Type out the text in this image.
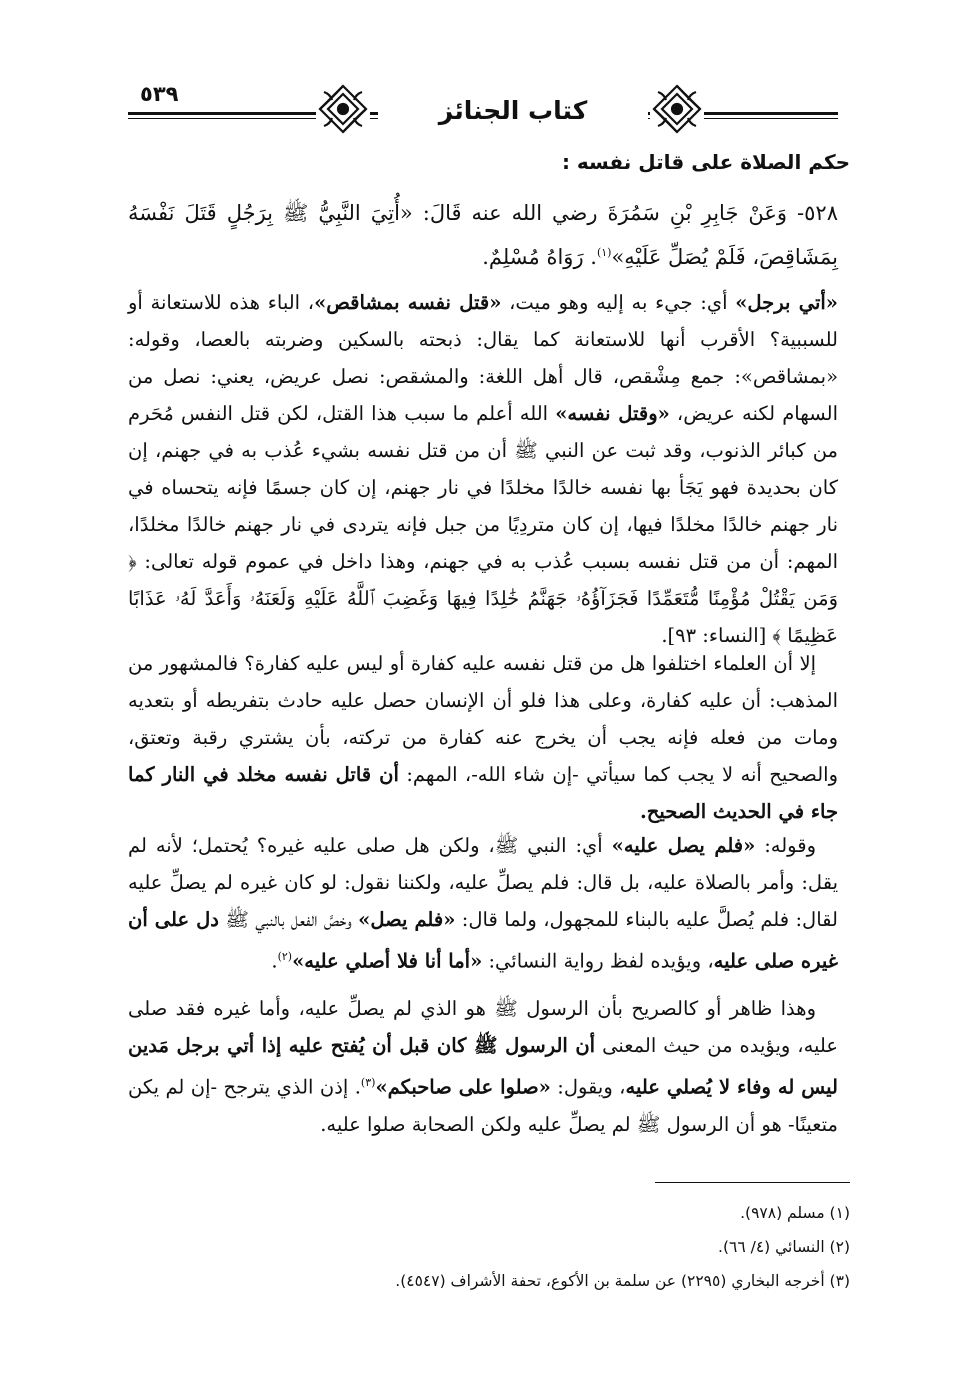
٥٣٩
كتاب الجنائز
حكم الصلاة على قاتل نفسه :
٥٢٨- وَعَنْ جَابِرِ بْنِ سَمُرَةَ رضي الله عنه قَالَ: «أُتِيَ النَّبِيُّ ﷺ بِرَجُلٍ قَتَلَ نَفْسَهُ بِمَشَاقِصَ، فَلَمْ يُصَلِّ عَلَيْهِ»$^{(١)}$. رَوَاهُ مُسْلِمٌ.
«أتي برجل» أي: جيء به إليه وهو ميت، «قتل نفسه بمشاقص»، الباء هذه للاستعانة أو للسببية؟ الأقرب أنها للاستعانة كما يقال: ذبحته بالسكين وضربته بالعصا، وقوله: «بمشاقص»: جمع مِشْقص، قال أهل اللغة: والمشقص: نصل عريض، يعني: نصل من السهام لكنه عريض، «وقتل نفسه» الله أعلم ما سبب هذا القتل، لكن قتل النفس مُحَرم من كبائر الذنوب، وقد ثبت عن النبي ﷺ أن من قتل نفسه بشيء عُذب به في جهنم، إن كان بحديدة فهو يَجَأ بها نفسه خالدًا مخلدًا في نار جهنم، إن كان جسمًا فإنه يتحساه في نار جهنم خالدًا مخلدًا فيها، إن كان متردِيًا من جبل فإنه يتردى في نار جهنم خالدًا مخلدًا، المهم: أن من قتل نفسه بسبب عُذب به في جهنم، وهذا داخل في عموم قوله تعالى: ﴿ وَمَن يَقْتُلْ مُؤْمِنًا مُّتَعَمِّدًا فَجَزَآؤُهُۥ جَهَنَّمُ خَٰلِدًا فِيهَا وَغَضِبَ ٱللَّهُ عَلَيْهِ وَلَعَنَهُۥ وَأَعَدَّ لَهُۥ عَذَابًا عَظِيمًا ﴾ [النساء: ٩٣].
إلا أن العلماء اختلفوا هل من قتل نفسه عليه كفارة أو ليس عليه كفارة؟ فالمشهور من المذهب: أن عليه كفارة، وعلى هذا فلو أن الإنسان حصل عليه حادث بتفريطه أو بتعديه ومات من فعله فإنه يجب أن يخرج عنه كفارة من تركته، بأن يشتري رقبة وتعتق، والصحيح أنه لا يجب كما سيأتي -إن شاء الله-، المهم: أن قاتل نفسه مخلد في النار كما جاء في الحديث الصحيح.
وقوله: «فلم يصل عليه» أي: النبي ﷺ، ولكن هل صلى عليه غيره؟ يُحتمل؛ لأنه لم يقل: وأمر بالصلاة عليه، بل قال: فلم يصلِّ عليه، ولكننا نقول: لو كان غيره لم يصلِّ عليه لقال: فلم يُصلَّ عليه بالبناء للمجهول، ولما قال: «فلم يصل» وخصَّ الفعل بالنبي ﷺ دل على أن غيره صلى عليه، ويؤيده لفظ رواية النسائي: «أما أنا فلا أصلي عليه»$^{(٢)}$.
وهذا ظاهر أو كالصريح بأن الرسول ﷺ هو الذي لم يصلِّ عليه، وأما غيره فقد صلى عليه، ويؤيده من حيث المعنى أن الرسول ﷺ كان قبل أن يُفتح عليه إذا أتي برجل مَدين ليس له وفاء لا يُصلي عليه، ويقول: «صلوا على صاحبكم»$^{(٣)}$. إذن الذي يترجح -إن لم يكن متعينًا- هو أن الرسول ﷺ لم يصلِّ عليه ولكن الصحابة صلوا عليه.
(١) مسلم (٩٧٨).
(٢) النسائي (٤/ ٦٦).
(٣) أخرجه البخاري (٢٢٩٥) عن سلمة بن الأكوع، تحفة الأشراف (٤٥٤٧).
